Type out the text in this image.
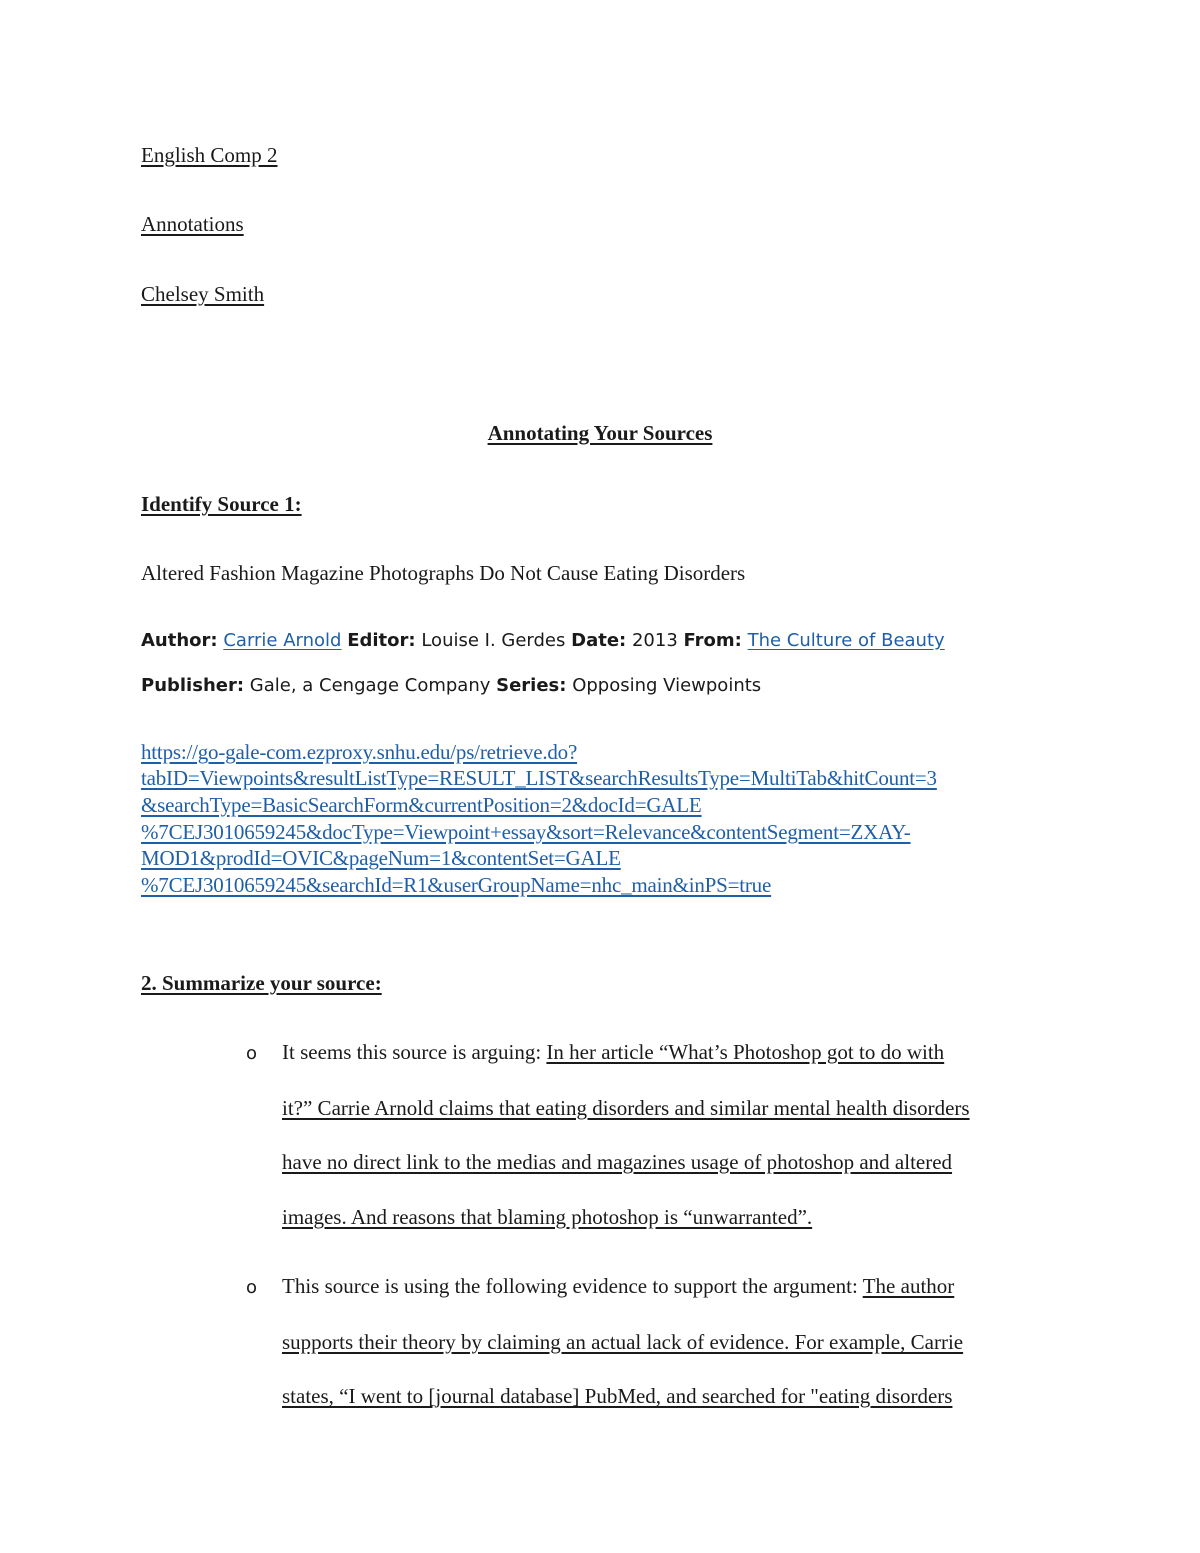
English Comp 2
Annotations
Chelsey Smith
Annotating Your Sources
Identify Source 1:
Altered Fashion Magazine Photographs Do Not Cause Eating Disorders
Author: Carrie Arnold Editor: Louise I. Gerdes Date: 2013 From: The Culture of Beauty
Publisher: Gale, a Cengage Company Series: Opposing Viewpoints
https://go-gale-com.ezproxy.snhu.edu/ps/retrieve.do?
tabID=Viewpoints&resultListType=RESULT_LIST&searchResultsType=MultiTab&hitCount=3
&searchType=BasicSearchForm&currentPosition=2&docId=GALE
%7CEJ3010659245&docType=Viewpoint+essay&sort=Relevance&contentSegment=ZXAY-
MOD1&prodId=OVIC&pageNum=1&contentSet=GALE
%7CEJ3010659245&searchId=R1&userGroupName=nhc_main&inPS=true
2. Summarize your source:
o It seems this source is arguing: In her article “What’s Photoshop got to do with
it?” Carrie Arnold claims that eating disorders and similar mental health disorders
have no direct link to the medias and magazines usage of photoshop and altered
images. And reasons that blaming photoshop is “unwarranted”.
o This source is using the following evidence to support the argument: The author
supports their theory by claiming an actual lack of evidence. For example, Carrie
states, “I went to [journal database] PubMed, and searched for "eating disorders
